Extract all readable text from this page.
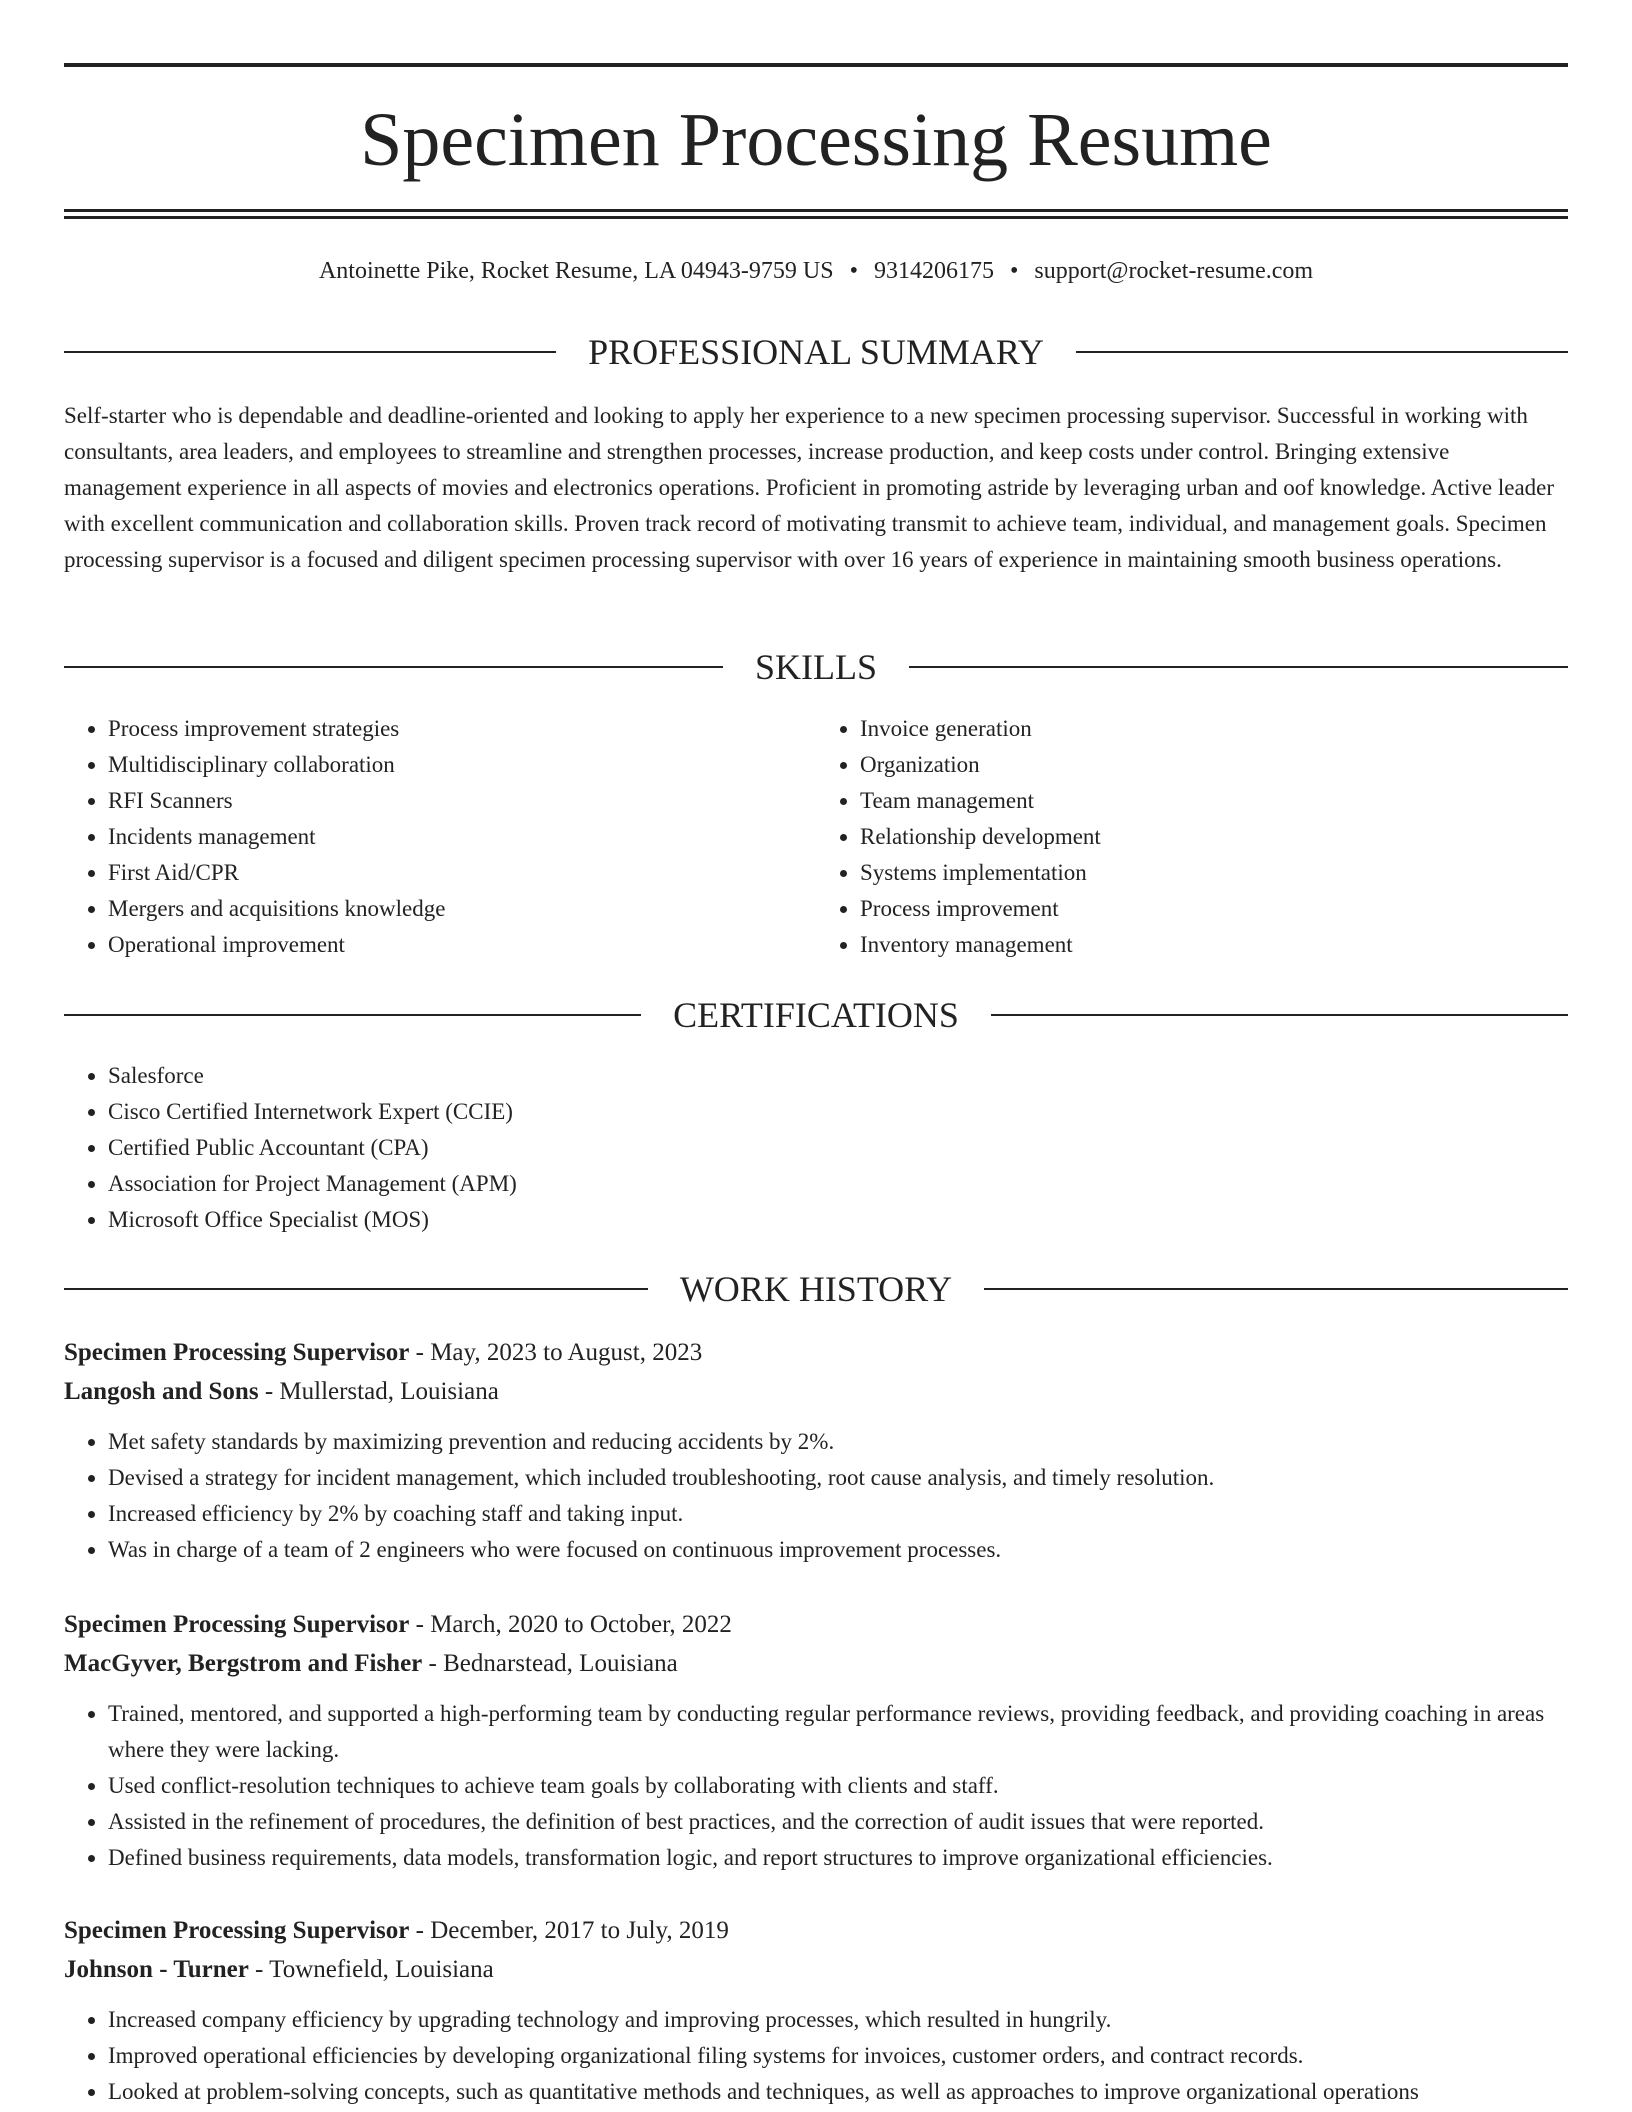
Specimen Processing Resume
Antoinette Pike, Rocket Resume, LA 04943-9759 US • 9314206175 • support@rocket-resume.com
PROFESSIONAL SUMMARY

Self-starter who is dependable and deadline-oriented and looking to apply her experience to a new specimen processing supervisor. Successful in working with consultants, area leaders, and employees to streamline and strengthen processes, increase production, and keep costs under control. Bringing extensive management experience in all aspects of movies and electronics operations. Proficient in promoting astride by leveraging urban and oof knowledge. Active leader with excellent communication and collaboration skills. Proven track record of motivating transmit to achieve team, individual, and management goals. Specimen processing supervisor is a focused and diligent specimen processing supervisor with over 16 years of experience in maintaining smooth business operations.

SKILLS
• Process improvement strategies
• Multidisciplinary collaboration
• RFI Scanners
• Incidents management
• First Aid/CPR
• Mergers and acquisitions knowledge
• Operational improvement
• Invoice generation
• Organization
• Team management
• Relationship development
• Systems implementation
• Process improvement
• Inventory management
CERTIFICATIONS
• Salesforce
• Cisco Certified Internetwork Expert (CCIE)
• Certified Public Accountant (CPA)
• Association for Project Management (APM)
• Microsoft Office Specialist (MOS)
WORK HISTORY
Specimen Processing Supervisor - May, 2023 to August, 2023
Langosh and Sons - Mullerstad, Louisiana
• Met safety standards by maximizing prevention and reducing accidents by 2%.
• Devised a strategy for incident management, which included troubleshooting, root cause analysis, and timely resolution.
• Increased efficiency by 2% by coaching staff and taking input.
• Was in charge of a team of 2 engineers who were focused on continuous improvement processes.
Specimen Processing Supervisor - March, 2020 to October, 2022
MacGyver, Bergstrom and Fisher - Bednarstead, Louisiana
• Trained, mentored, and supported a high-performing team by conducting regular performance reviews, providing feedback, and providing coaching in areas where they were lacking.
• Used conflict-resolution techniques to achieve team goals by collaborating with clients and staff.
• Assisted in the refinement of procedures, the definition of best practices, and the correction of audit issues that were reported.
• Defined business requirements, data models, transformation logic, and report structures to improve organizational efficiencies.
Specimen Processing Supervisor - December, 2017 to July, 2019
Johnson - Turner - Townefield, Louisiana
• Increased company efficiency by upgrading technology and improving processes, which resulted in hungrily.
• Improved operational efficiencies by developing organizational filing systems for invoices, customer orders, and contract records.
• Looked at problem-solving concepts, such as quantitative methods and techniques, as well as approaches to improve organizational operations
